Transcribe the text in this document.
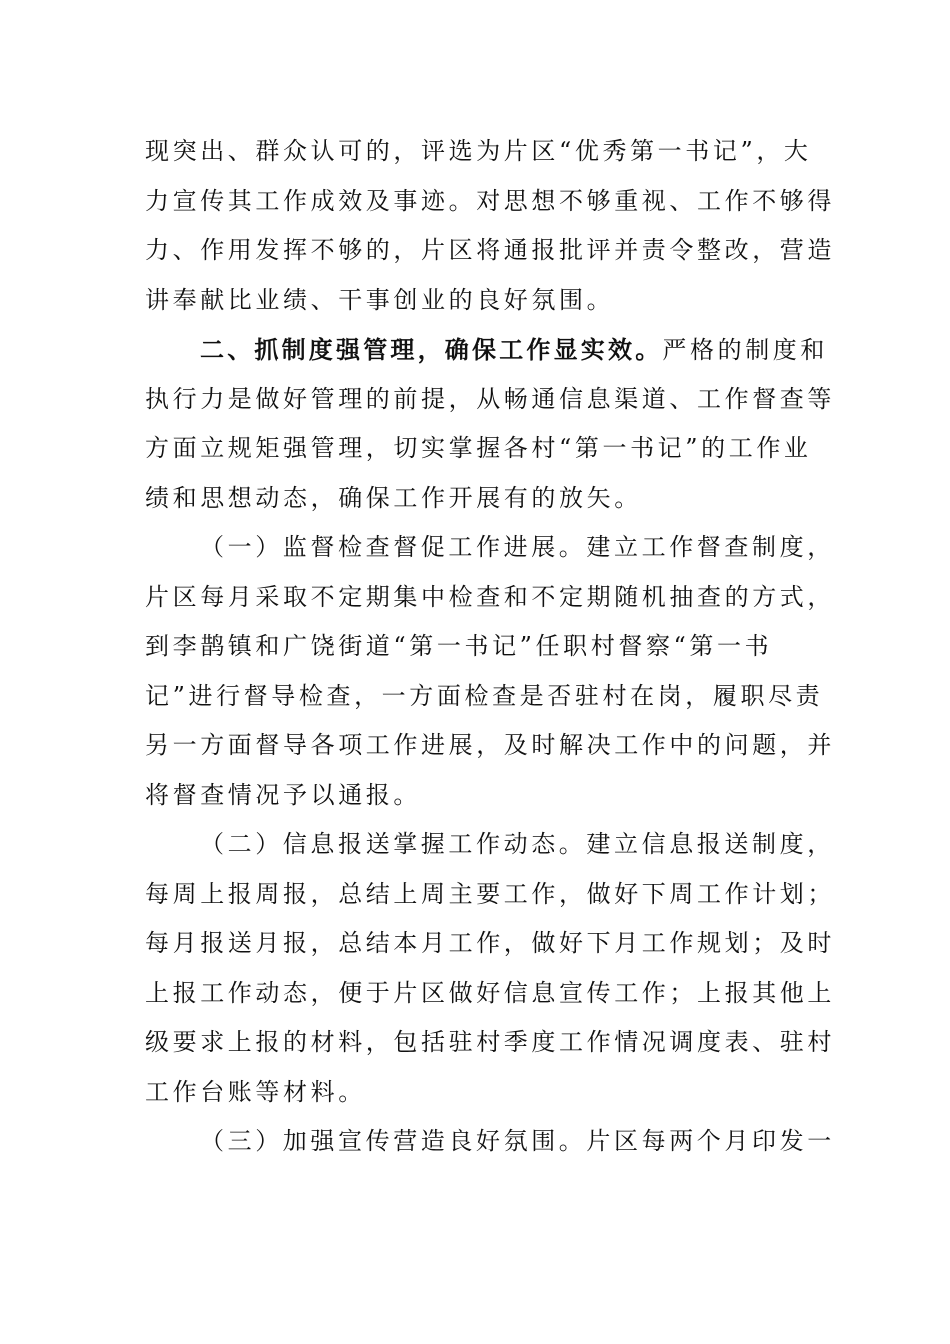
现突出、群众认可的，评选为片区“优秀第一书记”，大
力宣传其工作成效及事迹。对思想不够重视、工作不够得
力、作用发挥不够的，片区将通报批评并责令整改，营造
讲奉献比业绩、干事创业的良好氛围。
二、抓制度强管理，确保工作显实效。严格的制度和
执行力是做好管理的前提，从畅通信息渠道、工作督查等
方面立规矩强管理，切实掌握各村“第一书记”的工作业
绩和思想动态，确保工作开展有的放矢。
（一）监督检查督促工作进展。建立工作督查制度，
片区每月采取不定期集中检查和不定期随机抽查的方式，
到李鹊镇和广饶街道“第一书记”任职村督察“第一书
记”进行督导检查，一方面检查是否驻村在岗，履职尽责
另一方面督导各项工作进展，及时解决工作中的问题，并
将督查情况予以通报。
（二）信息报送掌握工作动态。建立信息报送制度，
每周上报周报，总结上周主要工作，做好下周工作计划；
每月报送月报，总结本月工作，做好下月工作规划；及时
上报工作动态，便于片区做好信息宣传工作；上报其他上
级要求上报的材料，包括驻村季度工作情况调度表、驻村
工作台账等材料。
（三）加强宣传营造良好氛围。片区每两个月印发一
